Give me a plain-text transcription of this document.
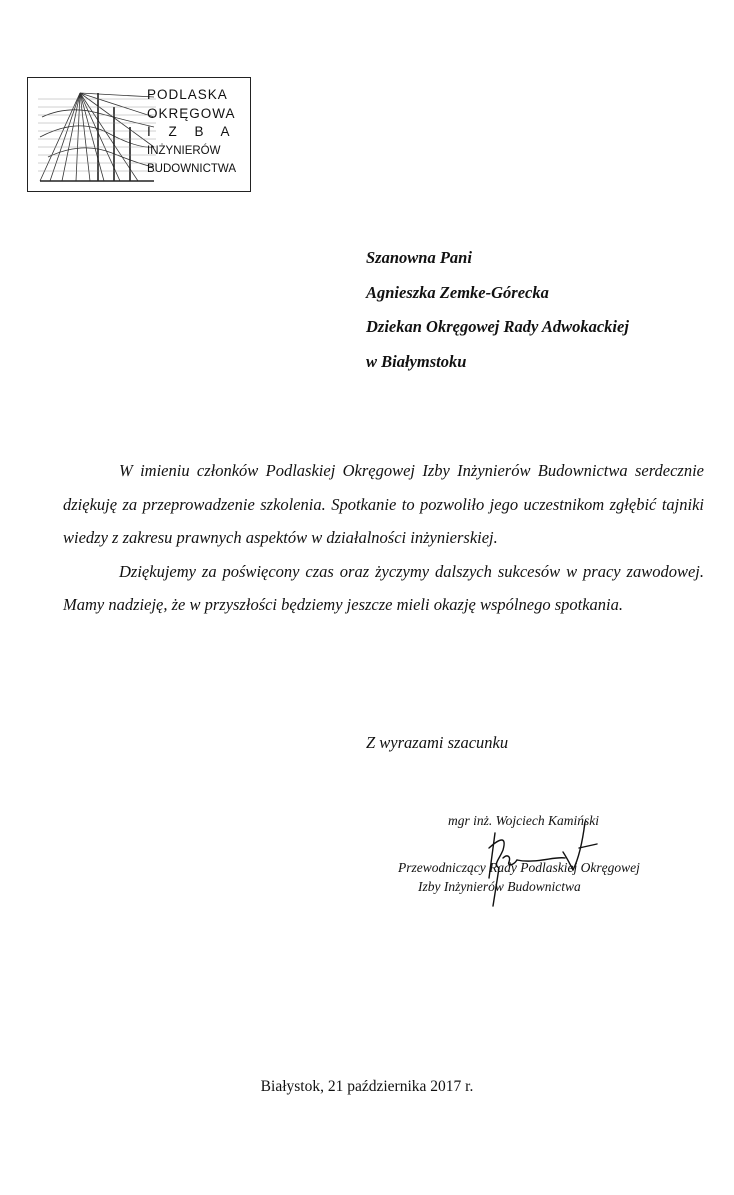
PODLASKA
OKRĘGOWA
I Z B A
INŻYNIERÓW
BUDOWNICTWA
Szanowna Pani
Agnieszka Zemke-Górecka
Dziekan Okręgowej Rady Adwokackiej
w Białymstoku

W imieniu członków Podlaskiej Okręgowej Izby Inżynierów Budownictwa serdecznie dziękuję za przeprowadzenie szkolenia. Spotkanie to pozwoliło jego uczestnikom zgłębić tajniki wiedzy z zakresu prawnych aspektów w działalności inżynierskiej.

Dziękujemy za poświęcony czas oraz życzymy dalszych sukcesów w pracy zawodowej. Mamy nadzieję, że w przyszłości będziemy jeszcze mieli okazję wspólnego spotkania.

Z wyrazami szacunku
mgr inż. Wojciech Kamiński
Przewodniczący Rady Podlaskiej Okręgowej
Izby Inżynierów Budownictwa
Białystok, 21 października 2017 r.
